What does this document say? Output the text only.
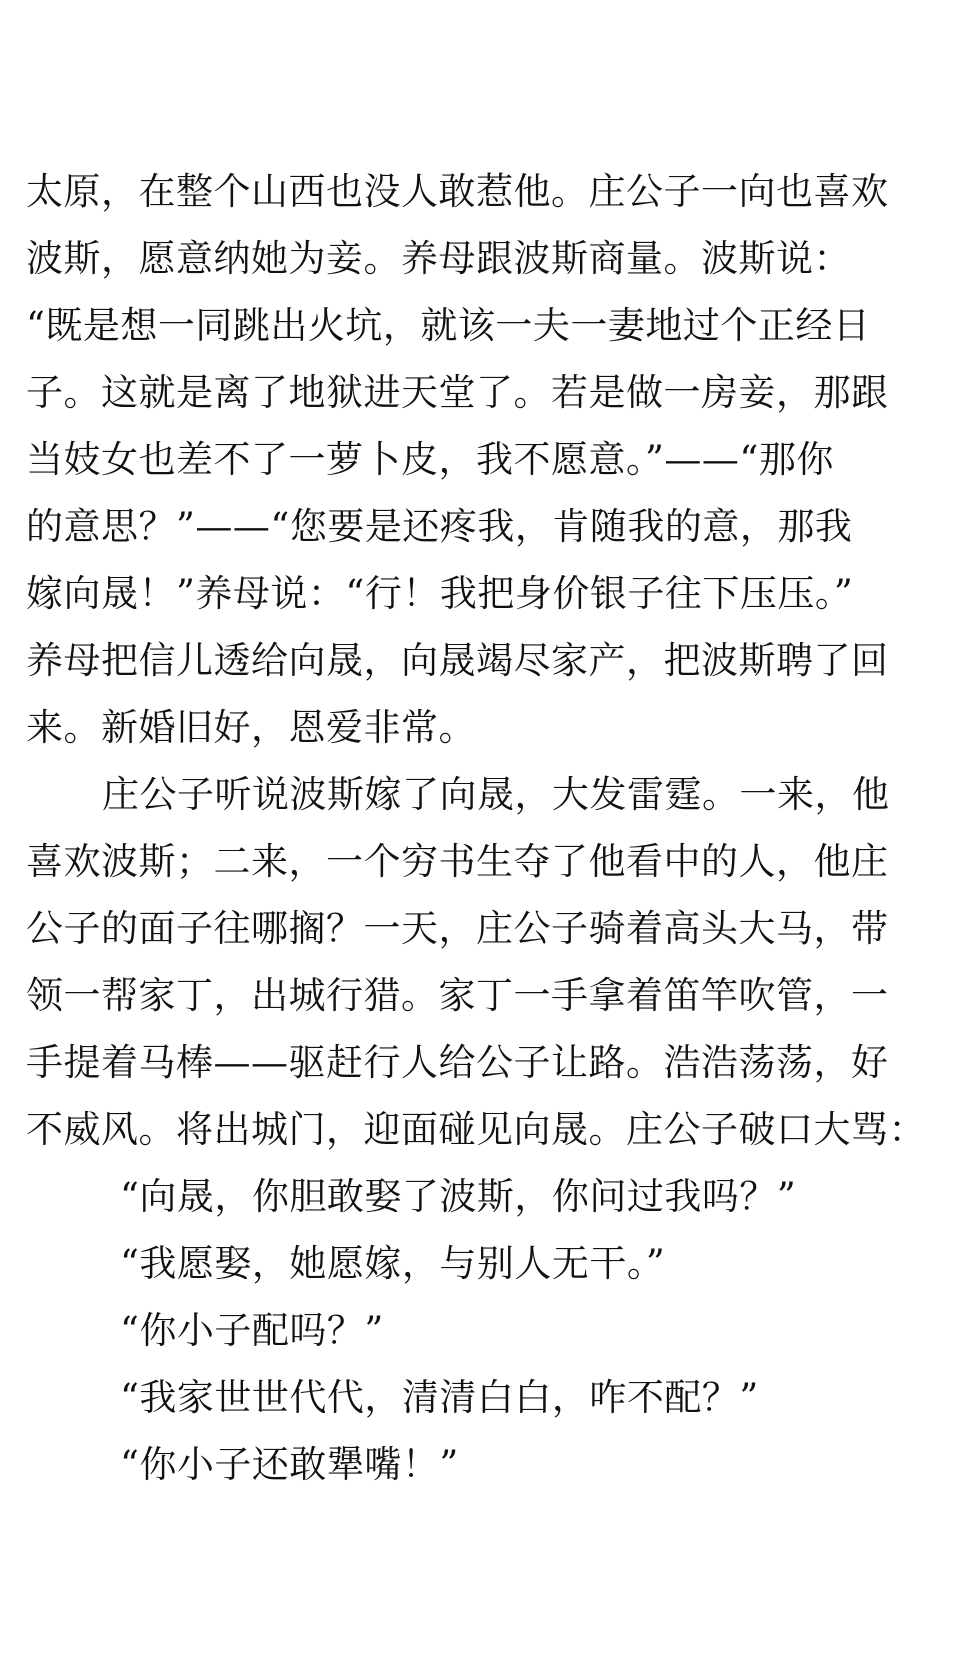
太原，在整个山西也没人敢惹他。庄公子一向也喜欢
波斯，愿意纳她为妾。养母跟波斯商量。波斯说：
“既是想一同跳出火坑，就该一夫一妻地过个正经日
子。这就是离了地狱进天堂了。若是做一房妾，那跟
当妓女也差不了一萝卜皮，我不愿意。”——“那你
的意思？”——“您要是还疼我，肯随我的意，那我
嫁向晟！”养母说：“行！我把身价银子往下压压。”
养母把信儿透给向晟，向晟竭尽家产，把波斯聘了回
来。新婚旧好，恩爱非常。
庄公子听说波斯嫁了向晟，大发雷霆。一来，他
喜欢波斯；二来，一个穷书生夺了他看中的人，他庄
公子的面子往哪搁？一天，庄公子骑着高头大马，带
领一帮家丁，出城行猎。家丁一手拿着笛竿吹管，一
手提着马棒——驱赶行人给公子让路。浩浩荡荡，好
不威风。将出城门，迎面碰见向晟。庄公子破口大骂：
“向晟，你胆敢娶了波斯，你问过我吗？”
“我愿娶，她愿嫁，与别人无干。”
“你小子配吗？”
“我家世世代代，清清白白，咋不配？”
“你小子还敢犟嘴！”
